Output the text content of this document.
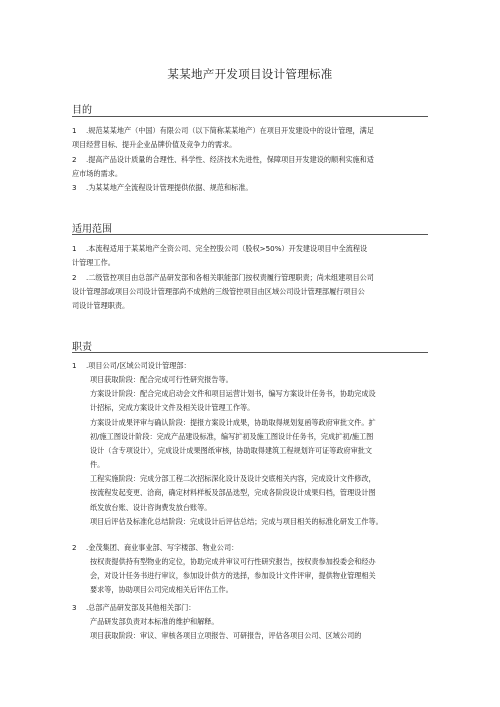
某某地产开发项目设计管理标准
目的
1 .规范某某地产（中国）有限公司（以下简称某某地产）在项目开发建设中的设计管理，满足
项目经营目标、提升企业品牌价值及竞争力的需求。
2 .提高产品设计质量的合理性、科学性、经济技术先进性，保障项目开发建设的顺利实施和适
应市场的需求。
3 .为某某地产全流程设计管理提供依据、规范和标准。
适用范围
1 .本流程适用于某某地产全资公司、完全控股公司（股权>50%）开发建设项目中全流程设
计管理工作。
2 .二级管控项目由总部产品研发部和各相关职能部门按权责履行管理职责；尚未组建项目公司
设计管理部或项目公司设计管理部尚不成熟的三级管控项目由区域公司设计管理部履行项目公
司设计管理职责。
职责
1 .项目公司/区域公司设计管理部：
项目获取阶段：配合完成可行性研究报告等。
方案设计阶段：配合完成启动会文件和项目运营计划书，编写方案设计任务书，协助完成设
计招标，完成方案设计文件及相关设计管理工作等。
方案设计成果评审与确认阶段：提报方案设计成果，协助取得规划复函等政府审批文件。扩
初/施工图设计阶段：完成产品建设标准，编写扩初及施工图设计任务书，完成扩初/施工图
设计（含专项设计），完成设计成果图纸审核，协助取得建筑工程规划许可证等政府审批文
件。
工程实施阶段：完成分部工程二次招标深化设计及设计交底相关内容，完成设计文件修改，
按流程发起变更、洽商，确定材料样板及部品选型，完成各阶段设计成果归档，管理设计图
纸发放台账、设计咨询费发放台账等。
项目后评估及标准化总结阶段：完成设计后评估总结；完成与项目相关的标准化研发工作等。
2 .金茂集团、商业事业部、写字楼部、物业公司：
按权责提供持有型物业的定位，协助完成并审议可行性研究报告，按权责参加投委会和经办
会，对设计任务书进行审议，参加设计供方的选择，参加设计文件评审，提供物业管理相关
要求等，协助项目公司完成相关后评估工作。
3 .总部产品研发部及其他相关部门：
产品研发部负责对本标准的维护和解释。
项目获取阶段：审议、审核各项目立项报告、可研报告，评估各项目公司、区域公司的
